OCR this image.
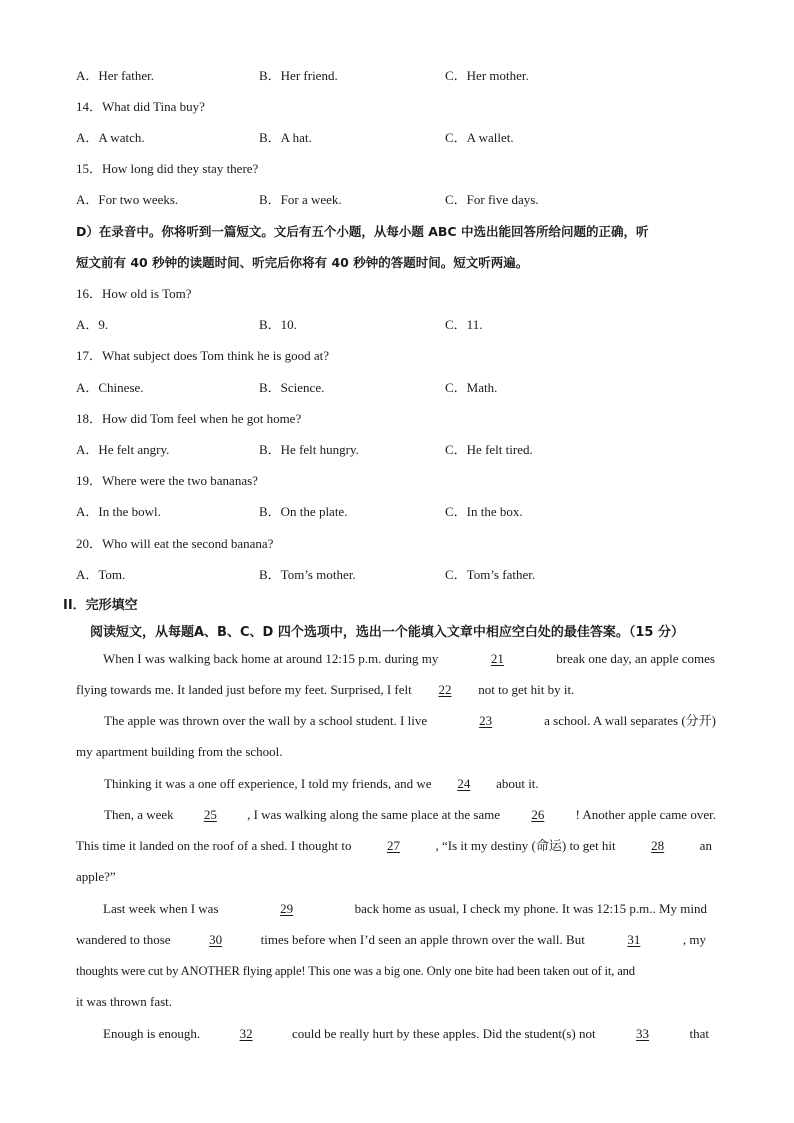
A．Her father.	B．Her friend.	C．Her mother.
14．What did Tina buy?
A．A watch.	B．A hat.	C．A wallet.
15．How long did they stay there?
A．For two weeks.	B．For a week.	C．For five days.
D）在录音中。你将听到一篇短文。文后有五个小题，从每小题 ABC 中选出能回答所给问题的正确，听
短文前有 40 秒钟的读题时间、听完后你将有 40 秒钟的答题时间。短文听两遍。
16．How old is Tom?
A．9.	B．10.	C．11.
17．What subject does Tom think he is good at?
A．Chinese.	B．Science.	C．Math.
18．How did Tom feel when he got home?
A．He felt angry.	B．He felt hungry.	C．He felt tired.
19．Where were the two bananas?
A．In the bowl.	B．On the plate.	C．In the box.
20．Who will eat the second banana?
A．Tom.	B．Tom’s mother.	C．Tom’s father.
II．完形填空
阅读短文，从每题A、B、C、D 四个选项中，选出一个能填入文章中相应空白处的最佳答案。（15 分）
When I was walking back home at around 12:15 p.m. during my	21	break one day, an apple comes
flying towards me. It landed just before my feet. Surprised, I felt 22 not to get hit by it.
The apple was thrown over the wall by a school student. I live	23	a school. A wall separates (分开)
my apartment building from the school.
Thinking it was a one off experience, I told my friends, and we 24 about it.
Then, a week	25	, I was walking along the same place at the same	26	! Another apple came over.
This time it landed on the roof of a shed. I thought to	27	, “Is it my destiny (命运) to get hit	28	an
apple?”
Last week when I was	29	back home as usual, I check my phone. It was 12:15 p.m.. My mind
wandered to those	30	times before when I’d seen an apple thrown over the wall. But	31	, my
thoughts were cut by ANOTHER flying apple! This one was a big one. Only one bite had been taken out of it, and
it was thrown fast.
Enough is enough.	32	could be really hurt by these apples. Did the student(s) not	33	that
